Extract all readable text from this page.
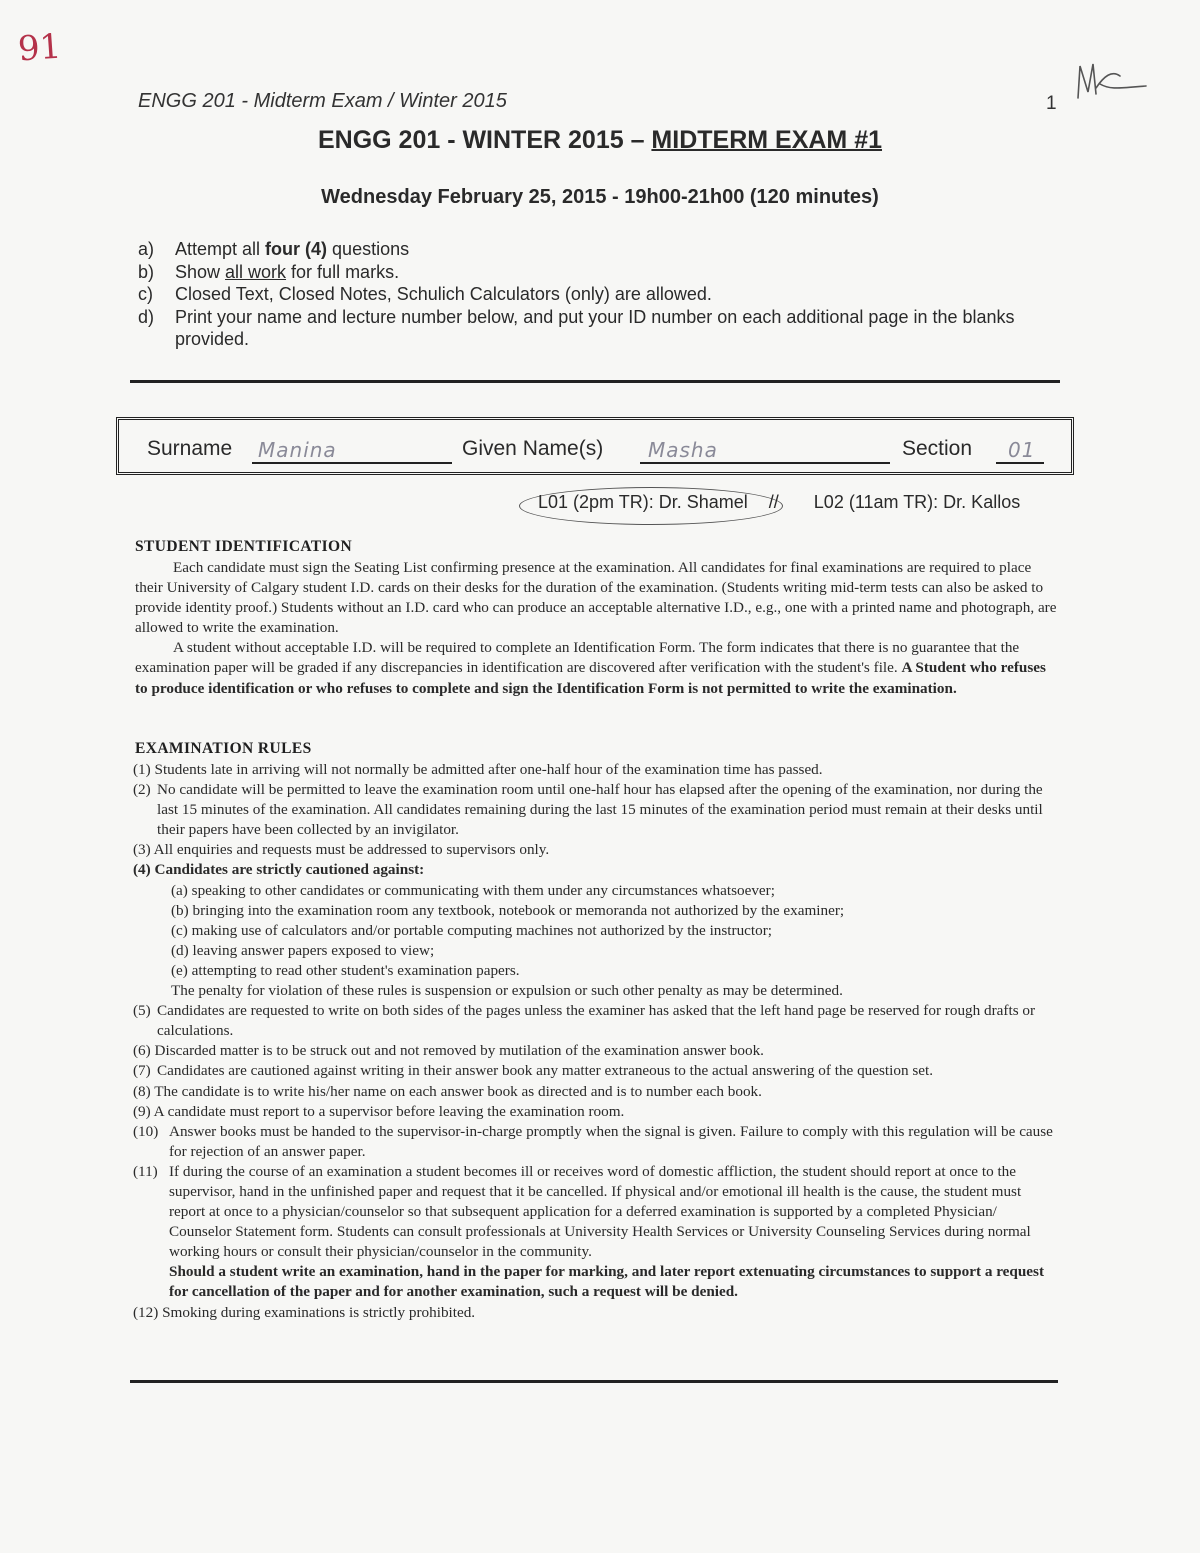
91
ENGG 201 - Midterm Exam / Winter 2015	1
ENGG 201 - WINTER 2015 – MIDTERM EXAM #1
Wednesday February 25, 2015 - 19h00-21h00 (120 minutes)
a)	Attempt all four (4) questions
b)	Show all work for full marks.
c)	Closed Text, Closed Notes, Schulich Calculators (only) are allowed.
d)	Print your name and lecture number below, and put your ID number on each additional page in the blanks provided.
Surname Manina	Given Name(s) Masha	Section 01
L01 (2pm TR): Dr. Shamel // L02 (11am TR): Dr. Kallos
STUDENT IDENTIFICATION

Each candidate must sign the Seating List confirming presence at the examination. All candidates for final examinations are required to place their University of Calgary student I.D. cards on their desks for the duration of the examination. (Students writing mid-term tests can also be asked to provide identity proof.) Students without an I.D. card who can produce an acceptable alternative I.D., e.g., one with a printed name and photograph, are allowed to write the examination.

A student without acceptable I.D. will be required to complete an Identification Form. The form indicates that there is no guarantee that the examination paper will be graded if any discrepancies in identification are discovered after verification with the student's file. A Student who refuses to produce identification or who refuses to complete and sign the Identification Form is not permitted to write the examination.

EXAMINATION RULES
(1) Students late in arriving will not normally be admitted after one-half hour of the examination time has passed.
(2) No candidate will be permitted to leave the examination room until one-half hour has elapsed after the opening of the examination, nor during the last 15 minutes of the examination. All candidates remaining during the last 15 minutes of the examination period must remain at their desks until their papers have been collected by an invigilator.
(3) All enquiries and requests must be addressed to supervisors only.
(4) Candidates are strictly cautioned against:
(a) speaking to other candidates or communicating with them under any circumstances whatsoever;
(b) bringing into the examination room any textbook, notebook or memoranda not authorized by the examiner;
(c) making use of calculators and/or portable computing machines not authorized by the instructor;
(d) leaving answer papers exposed to view;
(e) attempting to read other student's examination papers.
The penalty for violation of these rules is suspension or expulsion or such other penalty as may be determined.
(5) Candidates are requested to write on both sides of the pages unless the examiner has asked that the left hand page be reserved for rough drafts or calculations.
(6) Discarded matter is to be struck out and not removed by mutilation of the examination answer book.
(7) Candidates are cautioned against writing in their answer book any matter extraneous to the actual answering of the question set.
(8) The candidate is to write his/her name on each answer book as directed and is to number each book.
(9) A candidate must report to a supervisor before leaving the examination room.
(10) Answer books must be handed to the supervisor-in-charge promptly when the signal is given. Failure to comply with this regulation will be cause for rejection of an answer paper.
(11) If during the course of an examination a student becomes ill or receives word of domestic affliction, the student should report at once to the supervisor, hand in the unfinished paper and request that it be cancelled. If physical and/or emotional ill health is the cause, the student must report at once to a physician/counselor so that subsequent application for a deferred examination is supported by a completed Physician/ Counselor Statement form. Students can consult professionals at University Health Services or University Counseling Services during normal working hours or consult their physician/counselor in the community.
Should a student write an examination, hand in the paper for marking, and later report extenuating circumstances to support a request for cancellation of the paper and for another examination, such a request will be denied.
(12) Smoking during examinations is strictly prohibited.
